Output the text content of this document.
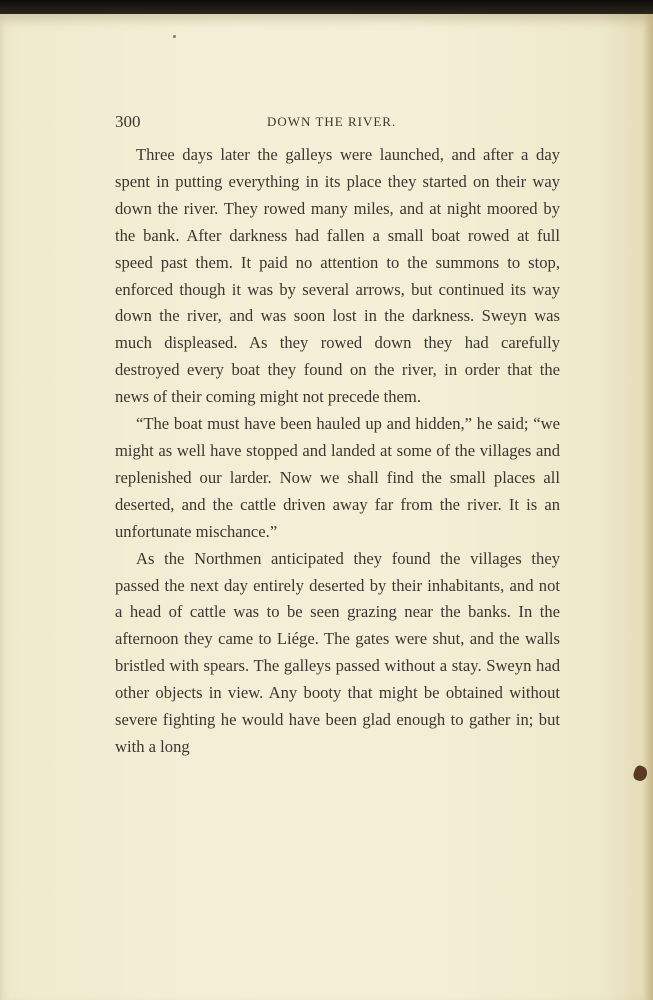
300	DOWN THE RIVER.

Three days later the galleys were launched, and after a day spent in putting everything in its place they started on their way down the river. They rowed many miles, and at night moored by the bank. After darkness had fallen a small boat rowed at full speed past them. It paid no attention to the summons to stop, enforced though it was by several arrows, but continued its way down the river, and was soon lost in the darkness. Sweyn was much displeased. As they rowed down they had carefully destroyed every boat they found on the river, in order that the news of their coming might not precede them.

“The boat must have been hauled up and hidden,” he said; “we might as well have stopped and landed at some of the villages and replenished our larder. Now we shall find the small places all deserted, and the cattle driven away far from the river. It is an unfortunate mischance.”

As the Northmen anticipated they found the villages they passed the next day entirely deserted by their inhabitants, and not a head of cattle was to be seen grazing near the banks. In the afternoon they came to Liége. The gates were shut, and the walls bristled with spears. The galleys passed without a stay. Sweyn had other objects in view. Any booty that might be obtained without severe fighting he would have been glad enough to gather in; but with a long
